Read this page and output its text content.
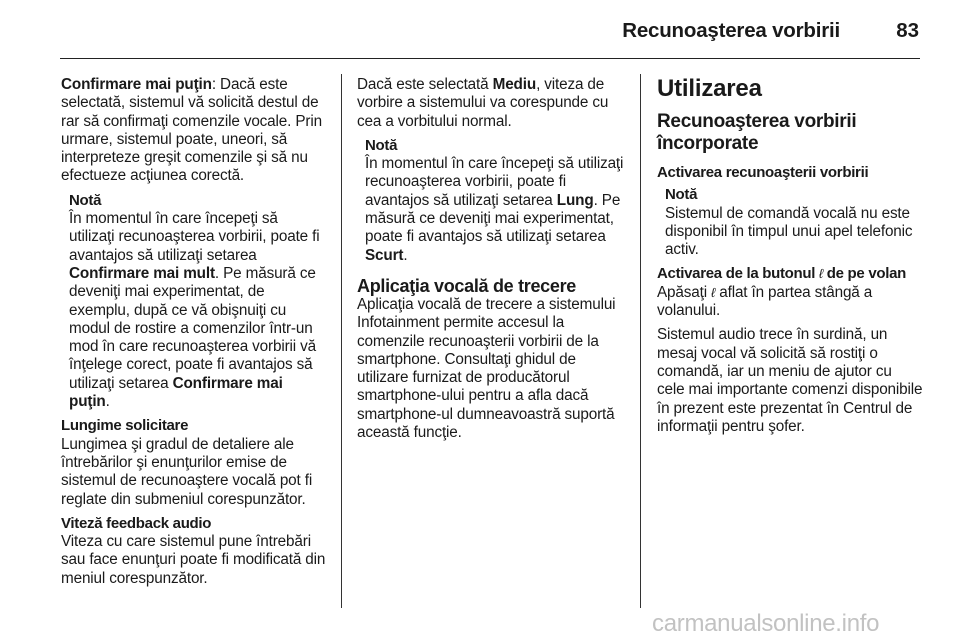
Recunoaşterea vorbirii	83

Confirmare mai puţin: Dacă este selectată, sistemul vă solicită destul de rar să confirmaţi comenzile vocale. Prin urmare, sistemul poate, uneori, să interpreteze greşit comenzile şi să nu efectueze acţiunea corectă.

Notă

În momentul în care începeţi să utilizaţi recunoaşterea vorbirii, poate fi avantajos să utilizaţi setarea Confirmare mai mult. Pe măsură ce deveniţi mai experimentat, de exemplu, după ce vă obişnuiţi cu modul de rostire a comenzilor într-un mod în care recunoaşterea vorbirii vă înţelege corect, poate fi avantajos să utilizaţi setarea Confirmare mai puţin.

Lungime solicitare

Lungimea şi gradul de detaliere ale întrebărilor şi enunţurilor emise de sistemul de recunoaştere vocală pot fi reglate din submeniul corespunzător.

Viteză feedback audio

Viteza cu care sistemul pune întrebări sau face enunţuri poate fi modificată din meniul corespunzător.

Dacă este selectată Mediu, viteza de vorbire a sistemului va corespunde cu cea a vorbitului normal.

Notă

În momentul în care începeţi să utilizaţi recunoaşterea vorbirii, poate fi avantajos să utilizaţi setarea Lung. Pe măsură ce deveniţi mai experimentat, poate fi avantajos să utilizaţi setarea Scurt.

Aplicaţia vocală de trecere

Aplicaţia vocală de trecere a sistemului Infotainment permite accesul la comenzile recunoaşterii vorbirii de la smartphone. Consultaţi ghidul de utilizare furnizat de producătorul smartphone-ului pentru a afla dacă smartphone-ul dumneavoastră suportă această funcţie.

Utilizarea

Recunoaşterea vorbirii încorporate

Activarea recunoaşterii vorbirii

Notă

Sistemul de comandă vocală nu este disponibil în timpul unui apel telefonic activ.

Activarea de la butonul ℓ de pe volan

Apăsaţi ℓ aflat în partea stângă a volanului.

Sistemul audio trece în surdină, un mesaj vocal vă solicită să rostiţi o comandă, iar un meniu de ajutor cu cele mai importante comenzi disponibile în prezent este prezentat în Centrul de informaţii pentru şofer.

carmanualsonline.info
